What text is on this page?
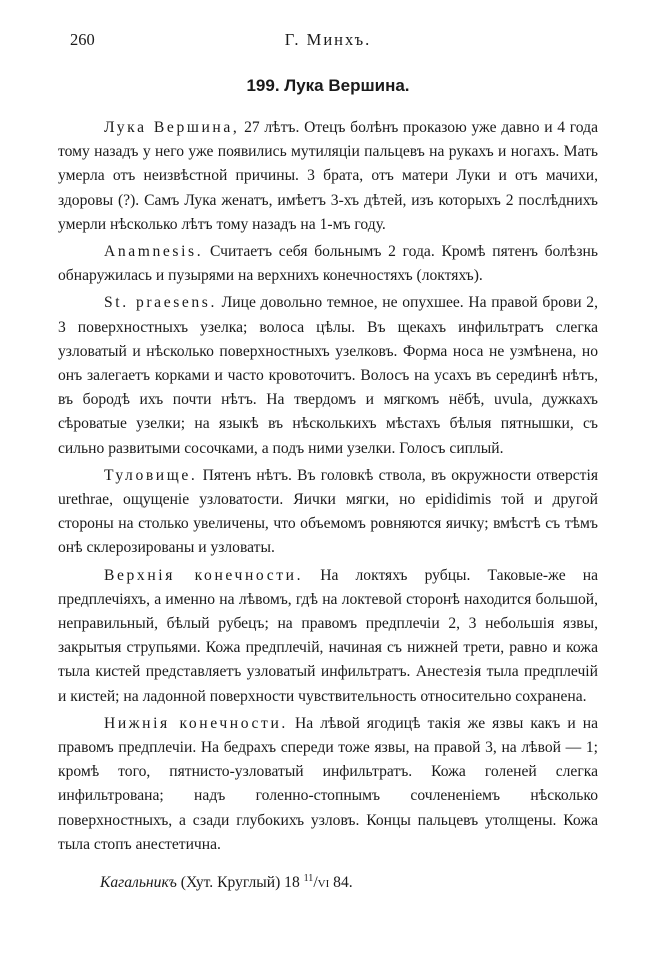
260	Г. Минхъ.
199. Лука Вершина.

Лука Вершина, 27 лѣтъ. Отецъ болѣнъ проказою уже давно и 4 года тому назадъ у него уже появились мутиляціи пальцевъ на рукахъ и ногахъ. Мать умерла отъ неизвѣстной причины. 3 брата, отъ матери Луки и отъ мачихи, здоровы (?). Самъ Лука женатъ, имѣетъ 3-хъ дѣтей, изъ которыхъ 2 послѣднихъ умерли нѣсколько лѣтъ тому назадъ на 1-мъ году.

Anamnesis. Считаетъ себя больнымъ 2 года. Кромѣ пятенъ болѣзнь обнаружилась и пузырями на верхнихъ конечностяхъ (локтяхъ).

St. praesens. Лице довольно темное, не опухшее. На правой брови 2, 3 поверхностныхъ узелка; волоса цѣлы. Въ щекахъ инфильтратъ слегка узловатый и нѣсколько поверхностныхъ узелковъ. Форма носа не узмѣнена, но онъ залегаетъ корками и часто кровоточитъ. Волосъ на усахъ въ серединѣ нѣтъ, въ бородѣ ихъ почти нѣтъ. На твердомъ и мягкомъ нёбѣ, uvula, дужкахъ сѣроватые узелки; на языкѣ въ нѣсколькихъ мѣстахъ бѣлыя пятнышки, съ сильно развитыми сосочками, а подъ ними узелки. Голосъ сиплый.

Туловище. Пятенъ нѣтъ. Въ головкѣ ствола, въ окружности отверстія urethrae, ощущеніе узловатости. Яички мягки, но epididimis той и другой стороны на столько увеличены, что объемомъ ровняются яичку; вмѣстѣ съ тѣмъ онѣ склерозированы и узловаты.

Верхнія конечности. На локтяхъ рубцы. Таковые-же на предплечіяхъ, а именно на лѣвомъ, гдѣ на локтевой сторонѣ находится большой, неправильный, бѣлый рубецъ; на правомъ предплечіи 2, 3 небольшія язвы, закрытыя струпьями. Кожа предплечій, начиная съ нижней трети, равно и кожа тыла кистей представляетъ узловатый инфильтратъ. Анестезія тыла предплечій и кистей; на ладонной поверхности чувствительность относительно сохранена.

Нижнія конечности. На лѣвой ягодицѣ такія же язвы какъ и на правомъ предплечіи. На бедрахъ спереди тоже язвы, на правой 3, на лѣвой — 1; кромѣ того, пятнисто-узловатый инфильтратъ. Кожа голеней слегка инфильтрована; надъ голенно-стопнымъ сочлененіемъ нѣсколько поверхностныхъ, а сзади глубокихъ узловъ. Концы пальцевъ утолщены. Кожа тыла стопъ анестетична.

Кагальникъ (Хут. Круглый) 18 $^{11}$/VI 84.
